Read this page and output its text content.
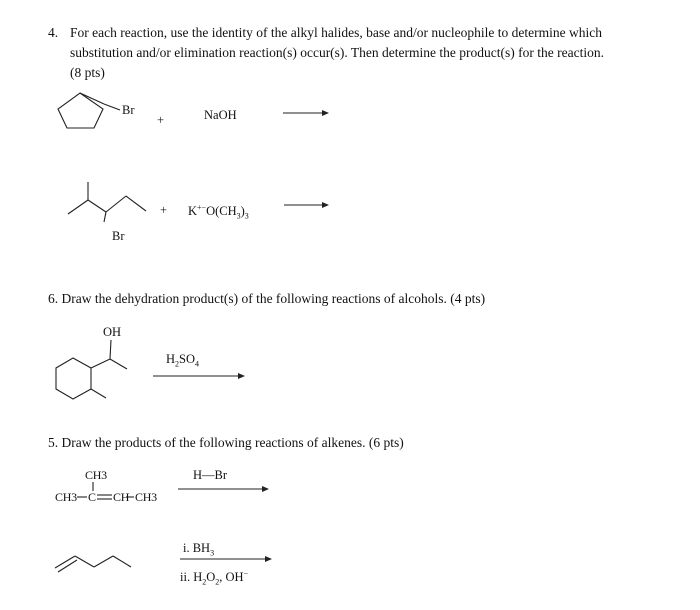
4. For each reaction, use the identity of the alkyl halides, base and/or nucleophile to determine which
substitution and/or elimination reaction(s) occur(s). Then determine the product(s) for the reaction.
(8 pts)
Br
+	NaOH
Br
+ $K^{+-}O(CH_3)_3$
6. Draw the dehydration product(s) of the following reactions of alcohols. (4 pts)
OH
$H_2SO_4$
5. Draw the products of the following reactions of alkenes. (6 pts)
CH3
CH3 C CH CH3
H—Br
i. $BH_3$
ii. $H_2O_2$, OH−
